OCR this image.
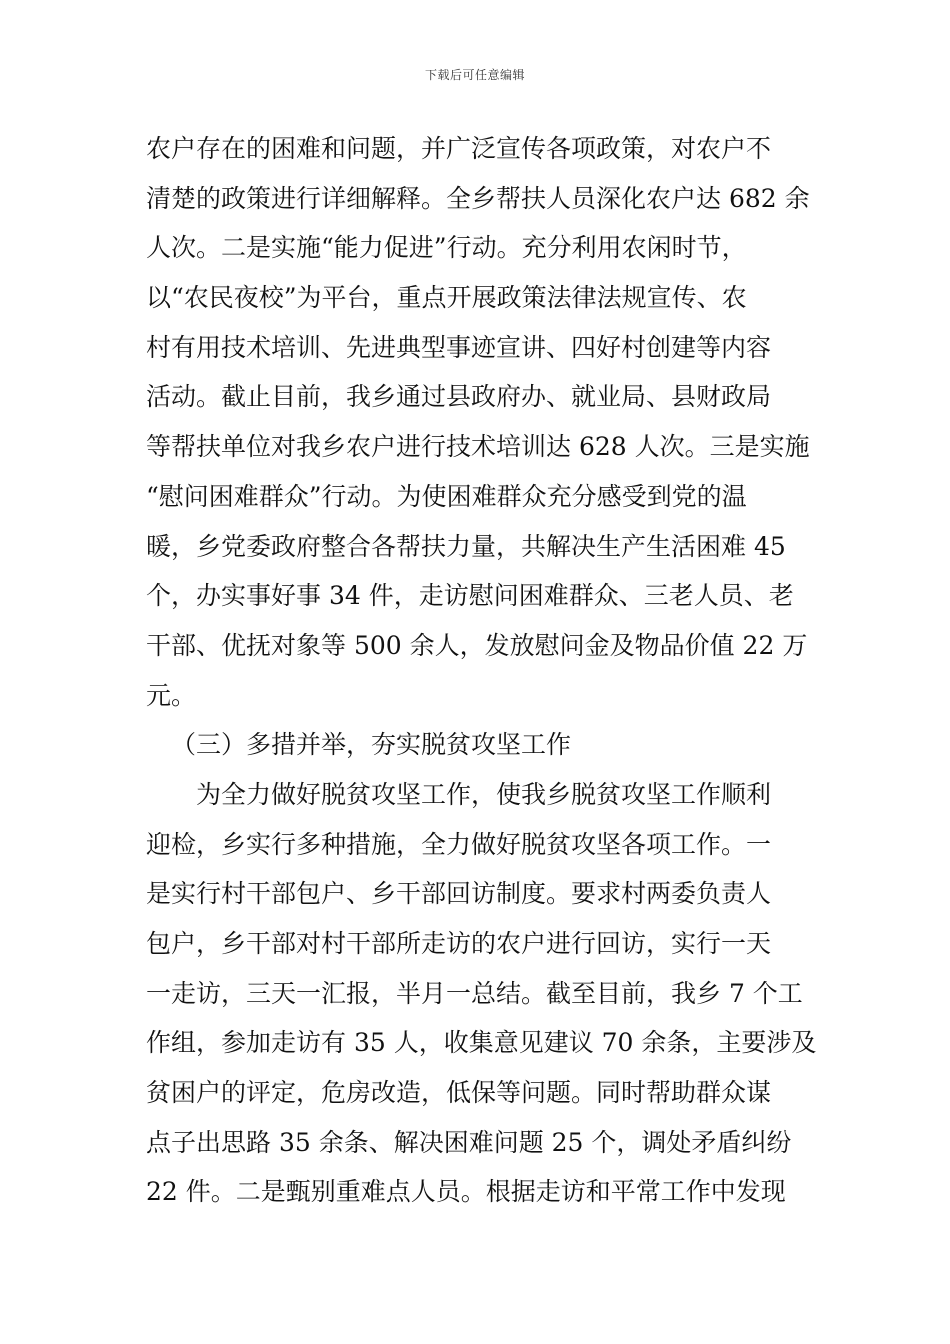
下载后可任意编辑
农户存在的困难和问题，并广泛宣传各项政策，对农户不
清楚的政策进行详细解释。全乡帮扶人员深化农户达 682 余
人次。二是实施“能力促进”行动。充分利用农闲时节，
以“农民夜校”为平台，重点开展政策法律法规宣传、农
村有用技术培训、先进典型事迹宣讲、四好村创建等内容
活动。截止目前，我乡通过县政府办、就业局、县财政局
等帮扶单位对我乡农户进行技术培训达 628 人次。三是实施
“慰问困难群众”行动。为使困难群众充分感受到党的温
暖，乡党委政府整合各帮扶力量，共解决生产生活困难 45
个，办实事好事 34 件，走访慰问困难群众、三老人员、老
干部、优抚对象等 500 余人，发放慰问金及物品价值 22 万
元。
（三）多措并举，夯实脱贫攻坚工作
为全力做好脱贫攻坚工作，使我乡脱贫攻坚工作顺利
迎检，乡实行多种措施，全力做好脱贫攻坚各项工作。一
是实行村干部包户、乡干部回访制度。要求村两委负责人
包户，乡干部对村干部所走访的农户进行回访，实行一天
一走访，三天一汇报，半月一总结。截至目前，我乡 7 个工
作组，参加走访有 35 人，收集意见建议 70 余条，主要涉及
贫困户的评定，危房改造，低保等问题。同时帮助群众谋
点子出思路 35 余条、解决困难问题 25 个，调处矛盾纠纷
22 件。二是甄别重难点人员。根据走访和平常工作中发现
